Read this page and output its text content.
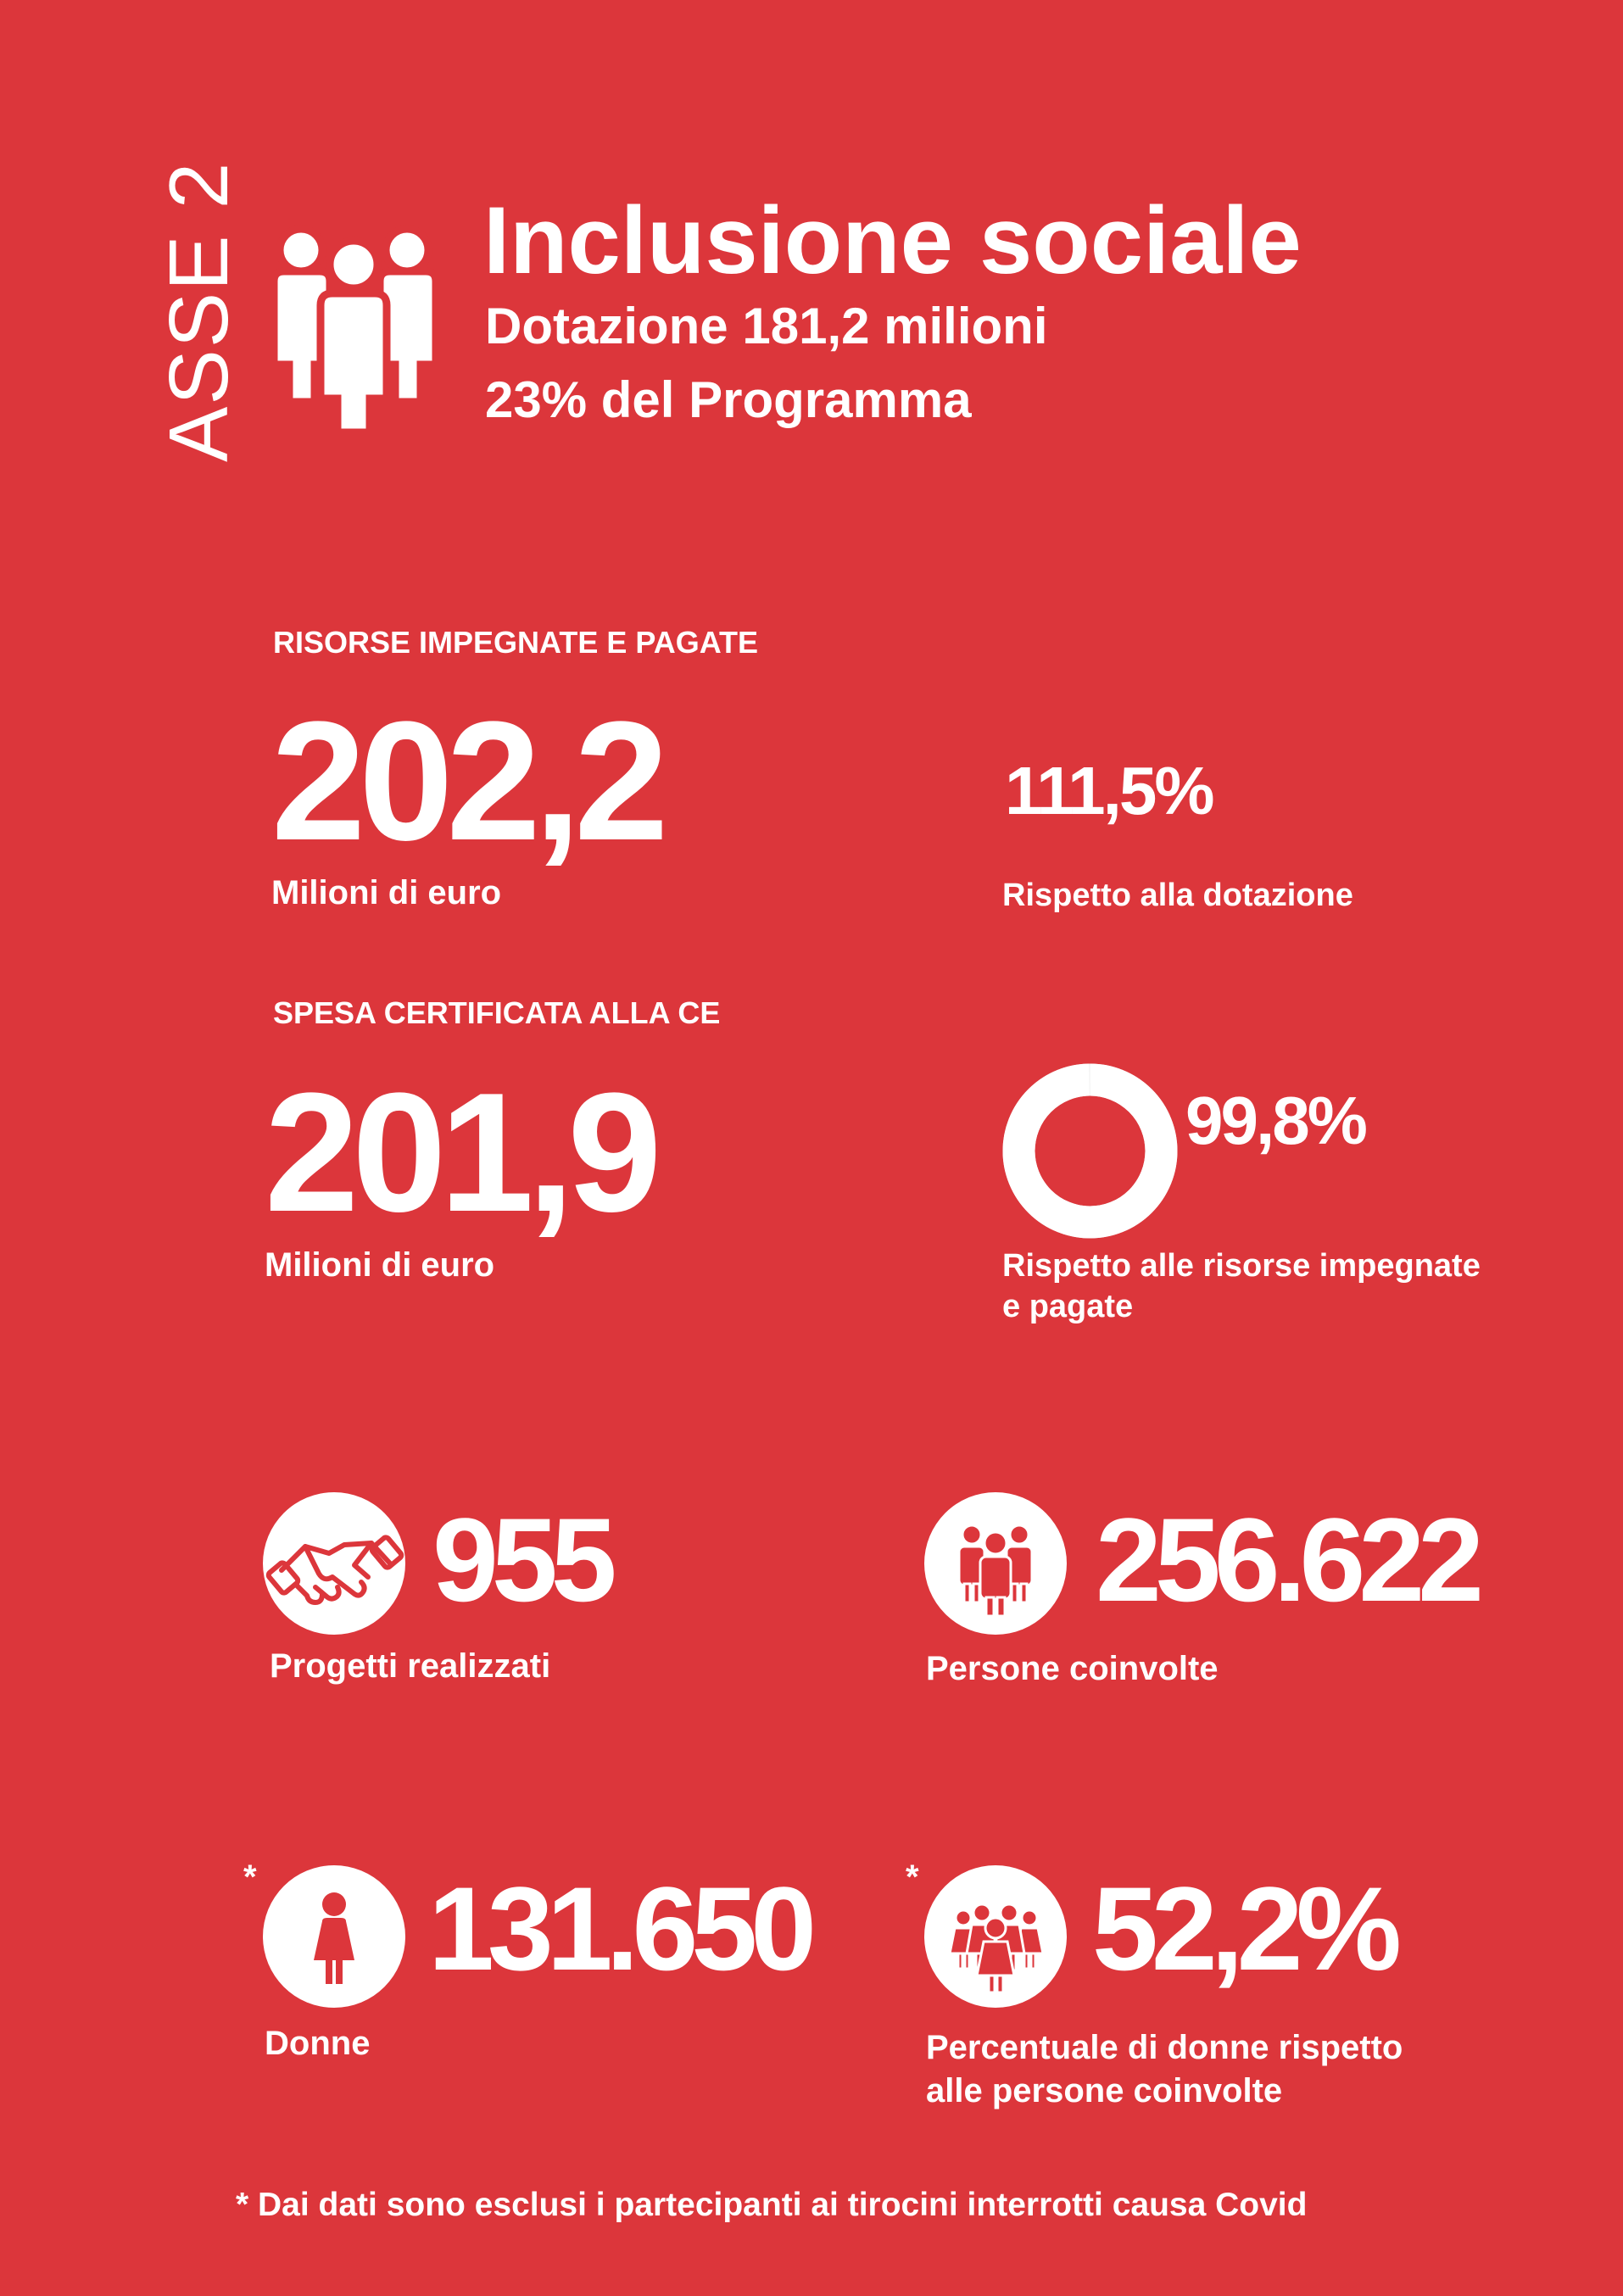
ASSE 2	Inclusione sociale
Dotazione 181,2 milioni
23% del Programma
RISORSE IMPEGNATE E PAGATE
202,2
Milioni di euro
111,5%
Rispetto alla dotazione
SPESA CERTIFICATA ALLA CE
201,9
Milioni di euro
99,8%
Rispetto alle risorse impegnate
e pagate
955
Progetti realizzati
256.622
Persone coinvolte
* 131.650
Donne
* 52,2%
Percentuale di donne rispetto
alle persone coinvolte
* Dai dati sono esclusi i partecipanti ai tirocini interrotti causa Covid
